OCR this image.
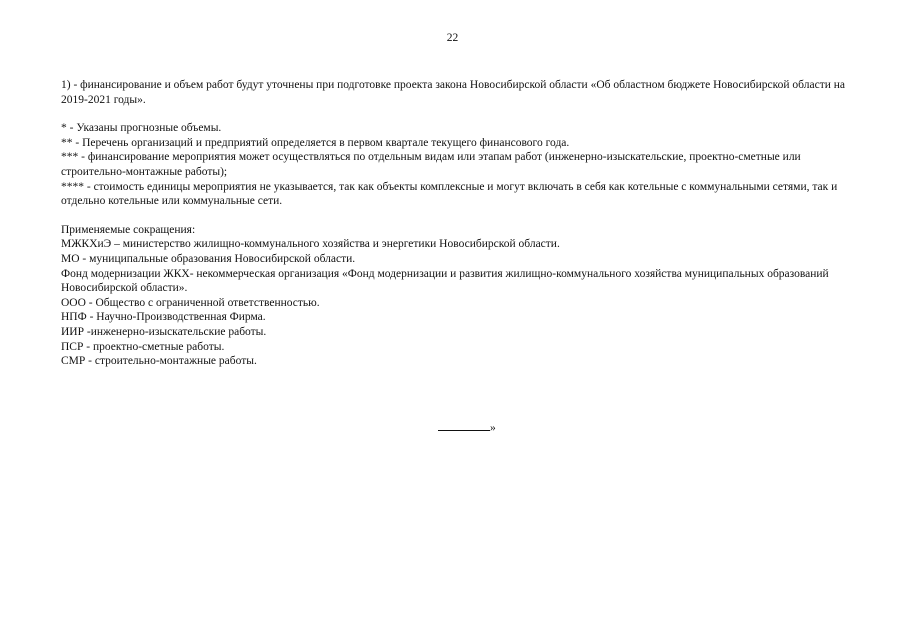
22

1) - финансирование и объем работ будут уточнены при подготовке проекта закона Новосибирской области «Об областном бюджете Новосибирской области на 2019-2021 годы».

* - Указаны прогнозные объемы.

** - Перечень организаций и предприятий определяется в первом квартале текущего финансового года.

*** - финансирование мероприятия может осуществляться по отдельным видам или этапам работ (инженерно-изыскательские, проектно-сметные или строительно-монтажные работы);

**** - стоимость единицы мероприятия не указывается, так как объекты комплексные и могут включать в себя как котельные с коммунальными сетями, так и отдельно котельные или коммунальные сети.

Применяемые сокращения:

МЖКХиЭ – министерство жилищно-коммунального хозяйства и энергетики Новосибирской области.

МО - муниципальные образования Новосибирской области.

Фонд модернизации ЖКХ- некоммерческая организация «Фонд модернизации и развития жилищно-коммунального хозяйства муниципальных образований Новосибирской области».

ООО - Общество с ограниченной ответственностью.

НПФ - Научно-Производственная Фирма.

ИИР -инженерно-изыскательские работы.

ПСР - проектно-сметные работы.

СМР - строительно-монтажные работы.

»
